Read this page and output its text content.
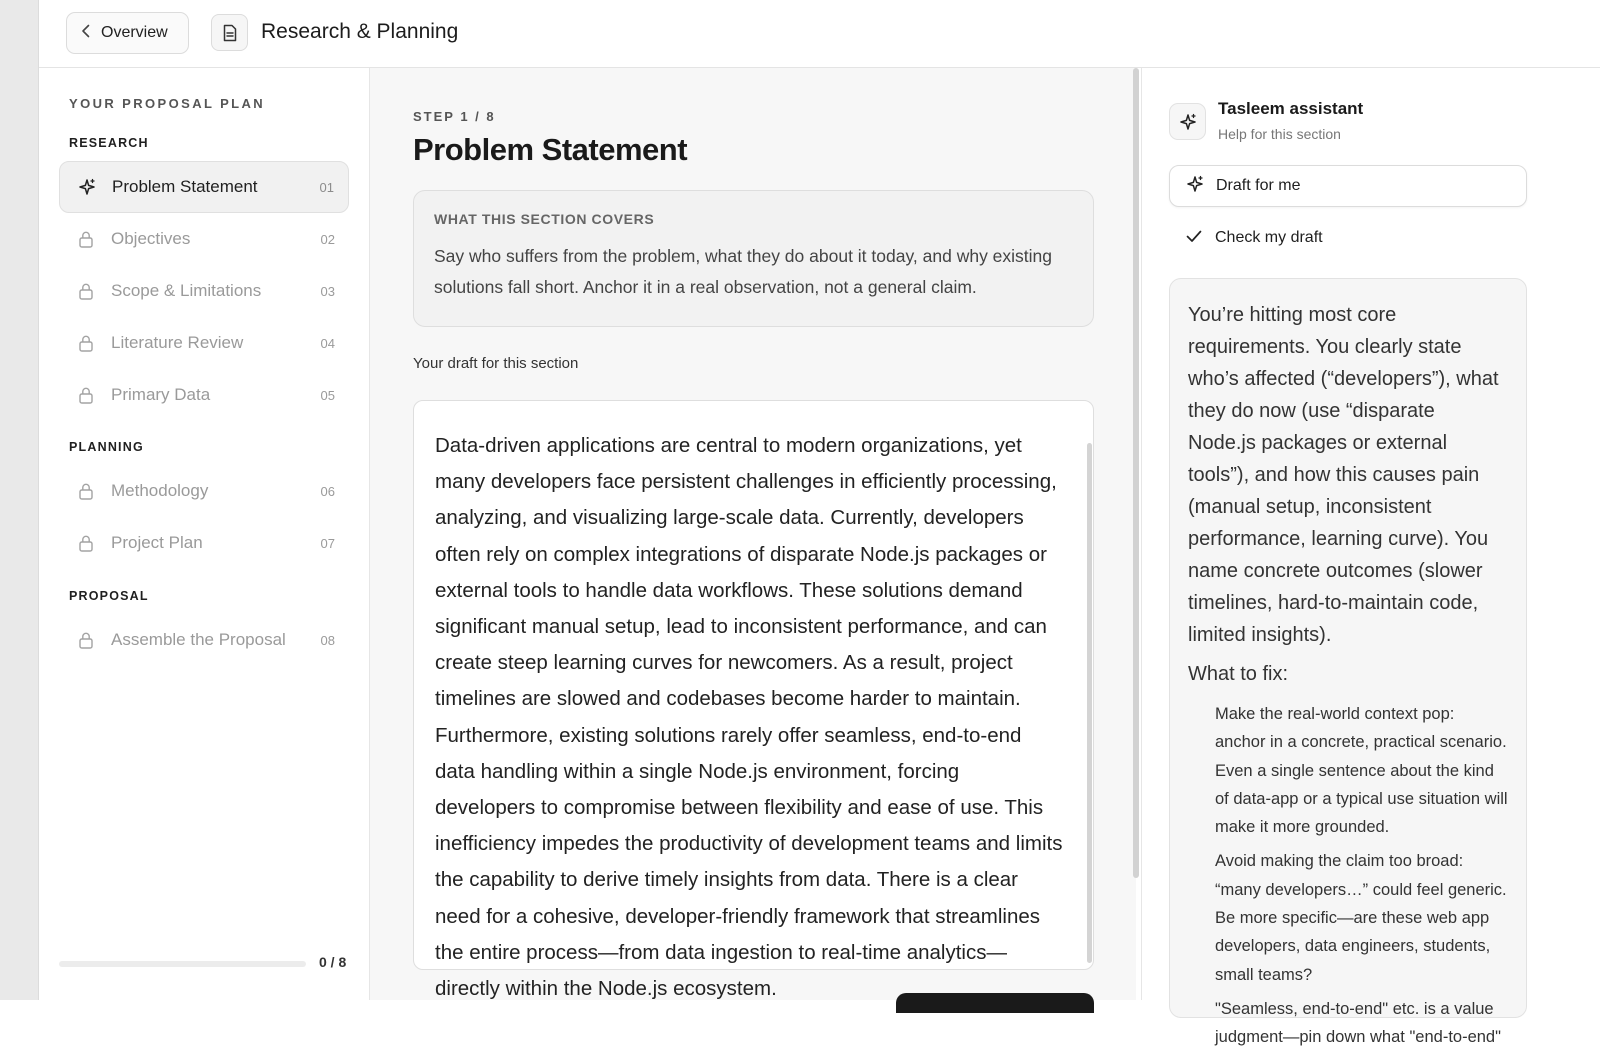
Overview	Research & Planning
YOUR PROPOSAL PLAN
RESEARCH
Problem Statement	01
Objectives	02
Scope & Limitations	03
Literature Review	04
Primary Data	05
PLANNING
Methodology	06
Project Plan	07
PROPOSAL
Assemble the Proposal	08
0 / 8
STEP 1 / 8
Problem Statement
WHAT THIS SECTION COVERS
Say who suffers from the problem, what they do about it today, and why existing solutions fall short. Anchor it in a real observation, not a general claim.
Your draft for this section
Data-driven applications are central to modern organizations, yet many developers face persistent challenges in efficiently processing, analyzing, and visualizing large-scale data. Currently, developers often rely on complex integrations of disparate Node.js packages or external tools to handle data workflows. These solutions demand significant manual setup, lead to inconsistent performance, and can create steep learning curves for newcomers. As a result, project timelines are slowed and codebases become harder to maintain. Furthermore, existing solutions rarely offer seamless, end-to-end data handling within a single Node.js environment, forcing developers to compromise between flexibility and ease of use. This inefficiency impedes the productivity of development teams and limits the capability to derive timely insights from data. There is a clear need for a cohesive, developer-friendly framework that streamlines the entire process—from data ingestion to real-time analytics—directly within the Node.js ecosystem.
Tasleem assistant
Help for this section
Draft for me
Check my draft
You’re hitting most core requirements. You clearly state who’s affected (“developers”), what they do now (use “disparate Node.js packages or external tools”), and how this causes pain (manual setup, inconsistent performance, learning curve). You name concrete outcomes (slower timelines, hard-to-maintain code, limited insights).
What to fix:
Make the real-world context pop: anchor in a concrete, practical scenario. Even a single sentence about the kind of data-app or a typical use situation will make it more grounded.
Avoid making the claim too broad: “many developers…” could feel generic. Be more specific—are these web app developers, data engineers, students, small teams?
"Seamless, end-to-end" etc. is a value judgment—pin down what "end-to-end"
